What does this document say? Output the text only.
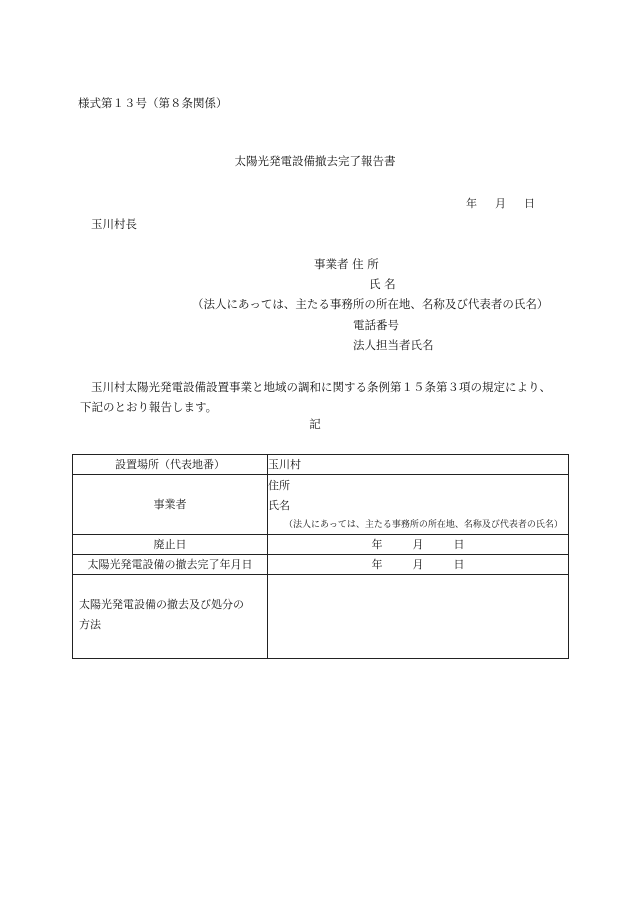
様式第１３号（第８条関係）
太陽光発電設備撤去完了報告書
年 月 日
玉川村長
事業者 住 所
氏 名
（法人にあっては、主たる事務所の所在地、名称及び代表者の氏名）
電話番号
法人担当者氏名
玉川村太陽光発電設備設置事業と地域の調和に関する条例第１５条第３項の規定により、
下記のとおり報告します。
記
設置場所（代表地番）	玉川村
事業者	住所
氏名
（法人にあっては、主たる事務所の所在地、名称及び代表者の氏名）

廃止日	年 月 日
太陽光発電設備の撤去完了年月日	年 月 日

太陽光発電設備の撤去及び処分の
方法	
